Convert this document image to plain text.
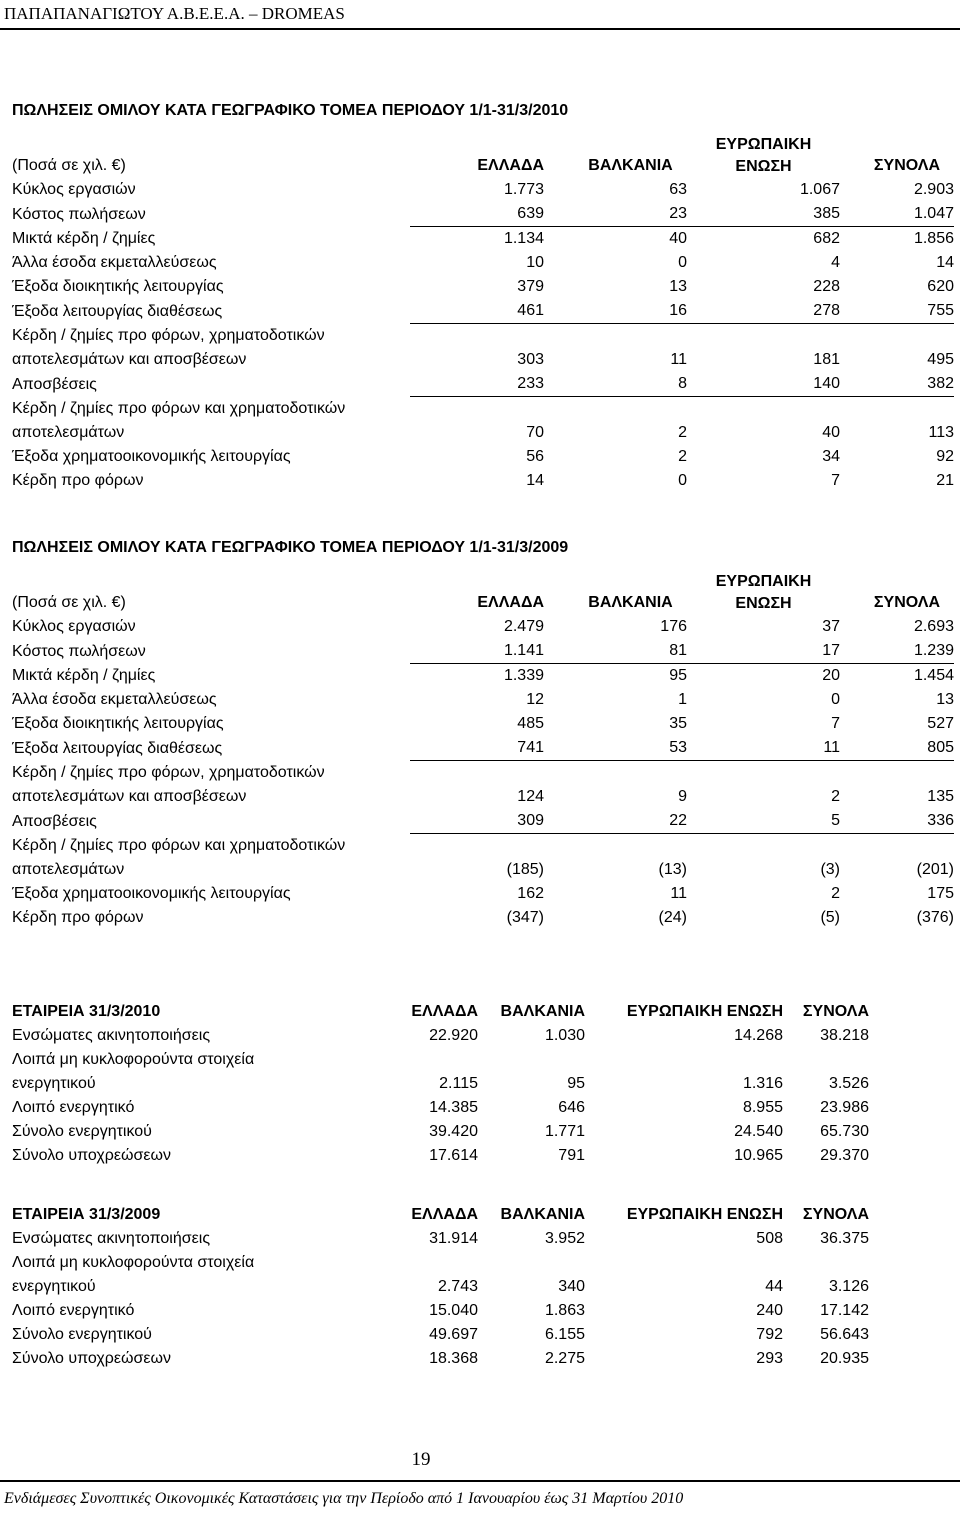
ΠΑΠΑΠΑΝΑΓΙΩΤΟΥ Α.Β.Ε.Ε.Α. – DROMEAS
ΠΩΛΗΣΕΙΣ ΟΜΙΛΟΥ ΚΑΤΑ ΓΕΩΓΡΑΦΙΚΟ ΤΟΜΕΑ ΠΕΡΙΟΔΟΥ 1/1-31/3/2010
(Ποσά σε χιλ. €)	ΕΛΛΑΔΑ	ΒΑΛΚΑΝΙΑ
ΕΥΡΩΠΑΙΚΗ
ΕΝΩΣΗ	ΣΥΝΟΛΑ
Κύκλος εργασιών	1.773	63	1.067	2.903
Κόστος πωλήσεων	639	23	385	1.047
Μικτά κέρδη / ζημίες	1.134	40	682	1.856
Άλλα έσοδα εκμεταλλεύσεως	10	0	4	14
Έξοδα διοικητικής λειτουργίας	379	13	228	620
Έξοδα λειτουργίας διαθέσεως	461	16	278	755
Κέρδη / ζημίες προ φόρων, χρηματοδοτικών
αποτελεσμάτων και αποσβέσεων	303	11	181	495
Αποσβέσεις	233	8	140	382
Κέρδη / ζημίες προ φόρων και χρηματοδοτικών
αποτελεσμάτων	70	2	40	113
Έξοδα χρηματοοικονομικής λειτουργίας	56	2	34	92
Κέρδη προ φόρων	14	0	7	21
ΠΩΛΗΣΕΙΣ ΟΜΙΛΟΥ ΚΑΤΑ ΓΕΩΓΡΑΦΙΚΟ ΤΟΜΕΑ ΠΕΡΙΟΔΟΥ 1/1-31/3/2009
(Ποσά σε χιλ. €)	ΕΛΛΑΔΑ	ΒΑΛΚΑΝΙΑ
ΕΥΡΩΠΑΙΚΗ
ΕΝΩΣΗ	ΣΥΝΟΛΑ
Κύκλος εργασιών	2.479	176	37	2.693
Κόστος πωλήσεων	1.141	81	17	1.239
Μικτά κέρδη / ζημίες	1.339	95	20	1.454
Άλλα έσοδα εκμεταλλεύσεως	12	1	0	13
Έξοδα διοικητικής λειτουργίας	485	35	7	527
Έξοδα λειτουργίας διαθέσεως	741	53	11	805
Κέρδη / ζημίες προ φόρων, χρηματοδοτικών
αποτελεσμάτων και αποσβέσεων	124	9	2	135
Αποσβέσεις	309	22	5	336
Κέρδη / ζημίες προ φόρων και χρηματοδοτικών
αποτελεσμάτων	(185)	(13)	(3)	(201)
Έξοδα χρηματοοικονομικής λειτουργίας	162	11	2	175
Κέρδη προ φόρων	(347)	(24)	(5)	(376)
ΕΤΑΙΡΕΙΑ 31/3/2010	ΕΛΛΑΔΑ	ΒΑΛΚΑΝΙΑ	ΕΥΡΩΠΑΙΚΗ ΕΝΩΣΗ	ΣΥΝΟΛΑ
Ενσώματες ακινητοποιήσεις	22.920	1.030	14.268	38.218
Λοιπά μη κυκλοφορούντα στοιχεία
ενεργητικού	2.115	95	1.316	3.526
Λοιπό ενεργητικό	14.385	646	8.955	23.986
Σύνολο ενεργητικού	39.420	1.771	24.540	65.730
Σύνολο υποχρεώσεων	17.614	791	10.965	29.370
ΕΤΑΙΡΕΙΑ 31/3/2009	ΕΛΛΑΔΑ	ΒΑΛΚΑΝΙΑ	ΕΥΡΩΠΑΙΚΗ ΕΝΩΣΗ	ΣΥΝΟΛΑ
Ενσώματες ακινητοποιήσεις	31.914	3.952	508	36.375
Λοιπά μη κυκλοφορούντα στοιχεία
ενεργητικού	2.743	340	44	3.126
Λοιπό ενεργητικό	15.040	1.863	240	17.142
Σύνολο ενεργητικού	49.697	6.155	792	56.643
Σύνολο υποχρεώσεων	18.368	2.275	293	20.935
19
Ενδιάμεσες Συνοπτικές Οικονομικές Καταστάσεις για την Περίοδο από 1 Ιανουαρίου έως 31 Μαρτίου 2010
